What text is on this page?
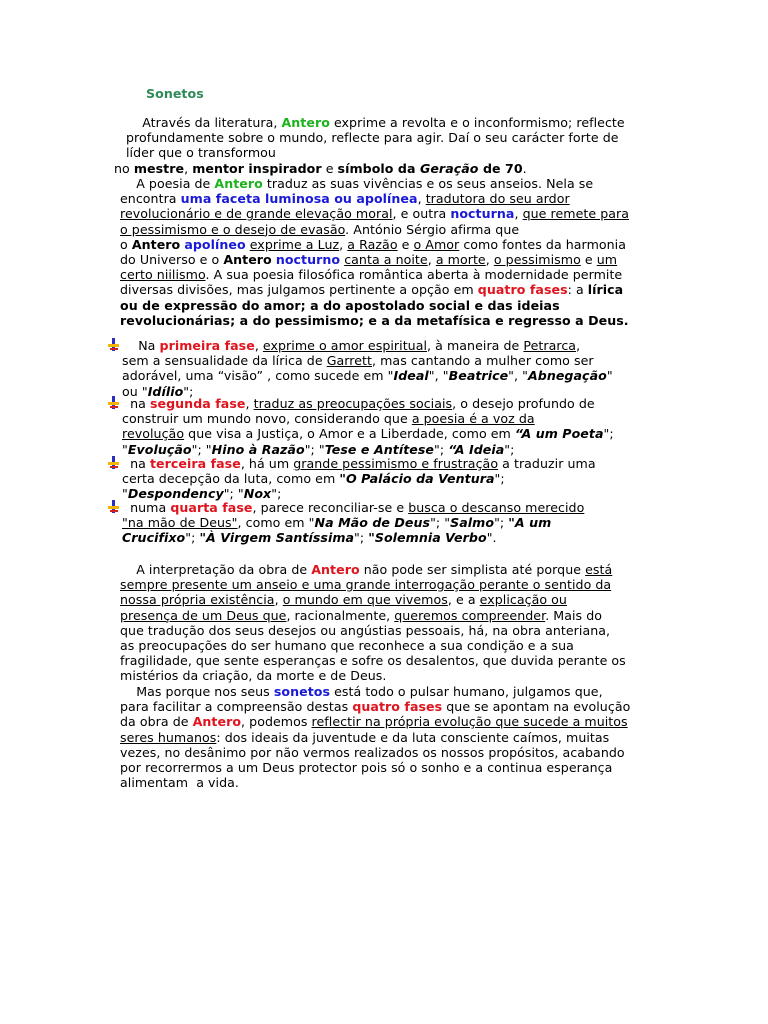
Sonetos
Através da literatura, Antero exprime a revolta e o inconformismo; reflecte
profundamente sobre o mundo, reflecte para agir. Daí o seu carácter forte de
líder que o transformou
no mestre, mentor inspirador e símbolo da Geração de 70.
A poesia de Antero traduz as suas vivências e os seus anseios. Nela se
encontra uma faceta luminosa ou apolínea, tradutora do seu ardor
revolucionário e de grande elevação moral, e outra nocturna, que remete para
o pessimismo e o desejo de evasão. António Sérgio afirma que
o Antero apolíneo exprime a Luz, a Razão e o Amor como fontes da harmonia
do Universo e o Antero nocturno canta a noite, a morte, o pessimismo e um
certo niilismo. A sua poesia filosófica romântica aberta à modernidade permite
diversas divisões, mas julgamos pertinente a opção em quatro fases: a lírica
ou de expressão do amor; a do apostolado social e das ideias
revolucionárias; a do pessimismo; e a da metafísica e regresso a Deus.
Na primeira fase, exprime o amor espiritual, à maneira de Petrarca,
sem a sensualidade da lírica de Garrett, mas cantando a mulher como ser
adorável, uma “visão” , como sucede em "Ideal", "Beatrice", "Abnegação"
ou "Idílio";
na segunda fase, traduz as preocupações sociais, o desejo profundo de
construir um mundo novo, considerando que a poesia é a voz da
revolução que visa a Justiça, o Amor e a Liberdade, como em “A um Poeta";
"Evolução"; "Hino à Razão"; "Tese e Antítese"; “A Ideia";
na terceira fase, há um grande pessimismo e frustração a traduzir uma
certa decepção da luta, como em "O Palácio da Ventura";
"Despondency"; "Nox";
numa quarta fase, parece reconciliar-se e busca o descanso merecido
"na mão de Deus", como em "Na Mão de Deus"; "Salmo"; "A um
Crucifixo"; "À Virgem Santíssima"; "Solemnia Verbo".
A interpretação da obra de Antero não pode ser simplista até porque está
sempre presente um anseio e uma grande interrogação perante o sentido da
nossa própria existência, o mundo em que vivemos, e a explicação ou
presença de um Deus que, racionalmente, queremos compreender. Mais do
que tradução dos seus desejos ou angústias pessoais, há, na obra anteriana,
as preocupações do ser humano que reconhece a sua condição e a sua
fragilidade, que sente esperanças e sofre os desalentos, que duvida perante os
mistérios da criação, da morte e de Deus.
Mas porque nos seus sonetos está todo o pulsar humano, julgamos que,
para facilitar a compreensão destas quatro fases que se apontam na evolução
da obra de Antero, podemos reflectir na própria evolução que sucede a muitos
seres humanos: dos ideais da juventude e da luta consciente caímos, muitas
vezes, no desânimo por não vermos realizados os nossos propósitos, acabando
por recorrermos a um Deus protector pois só o sonho e a continua esperança
alimentam  a vida.
